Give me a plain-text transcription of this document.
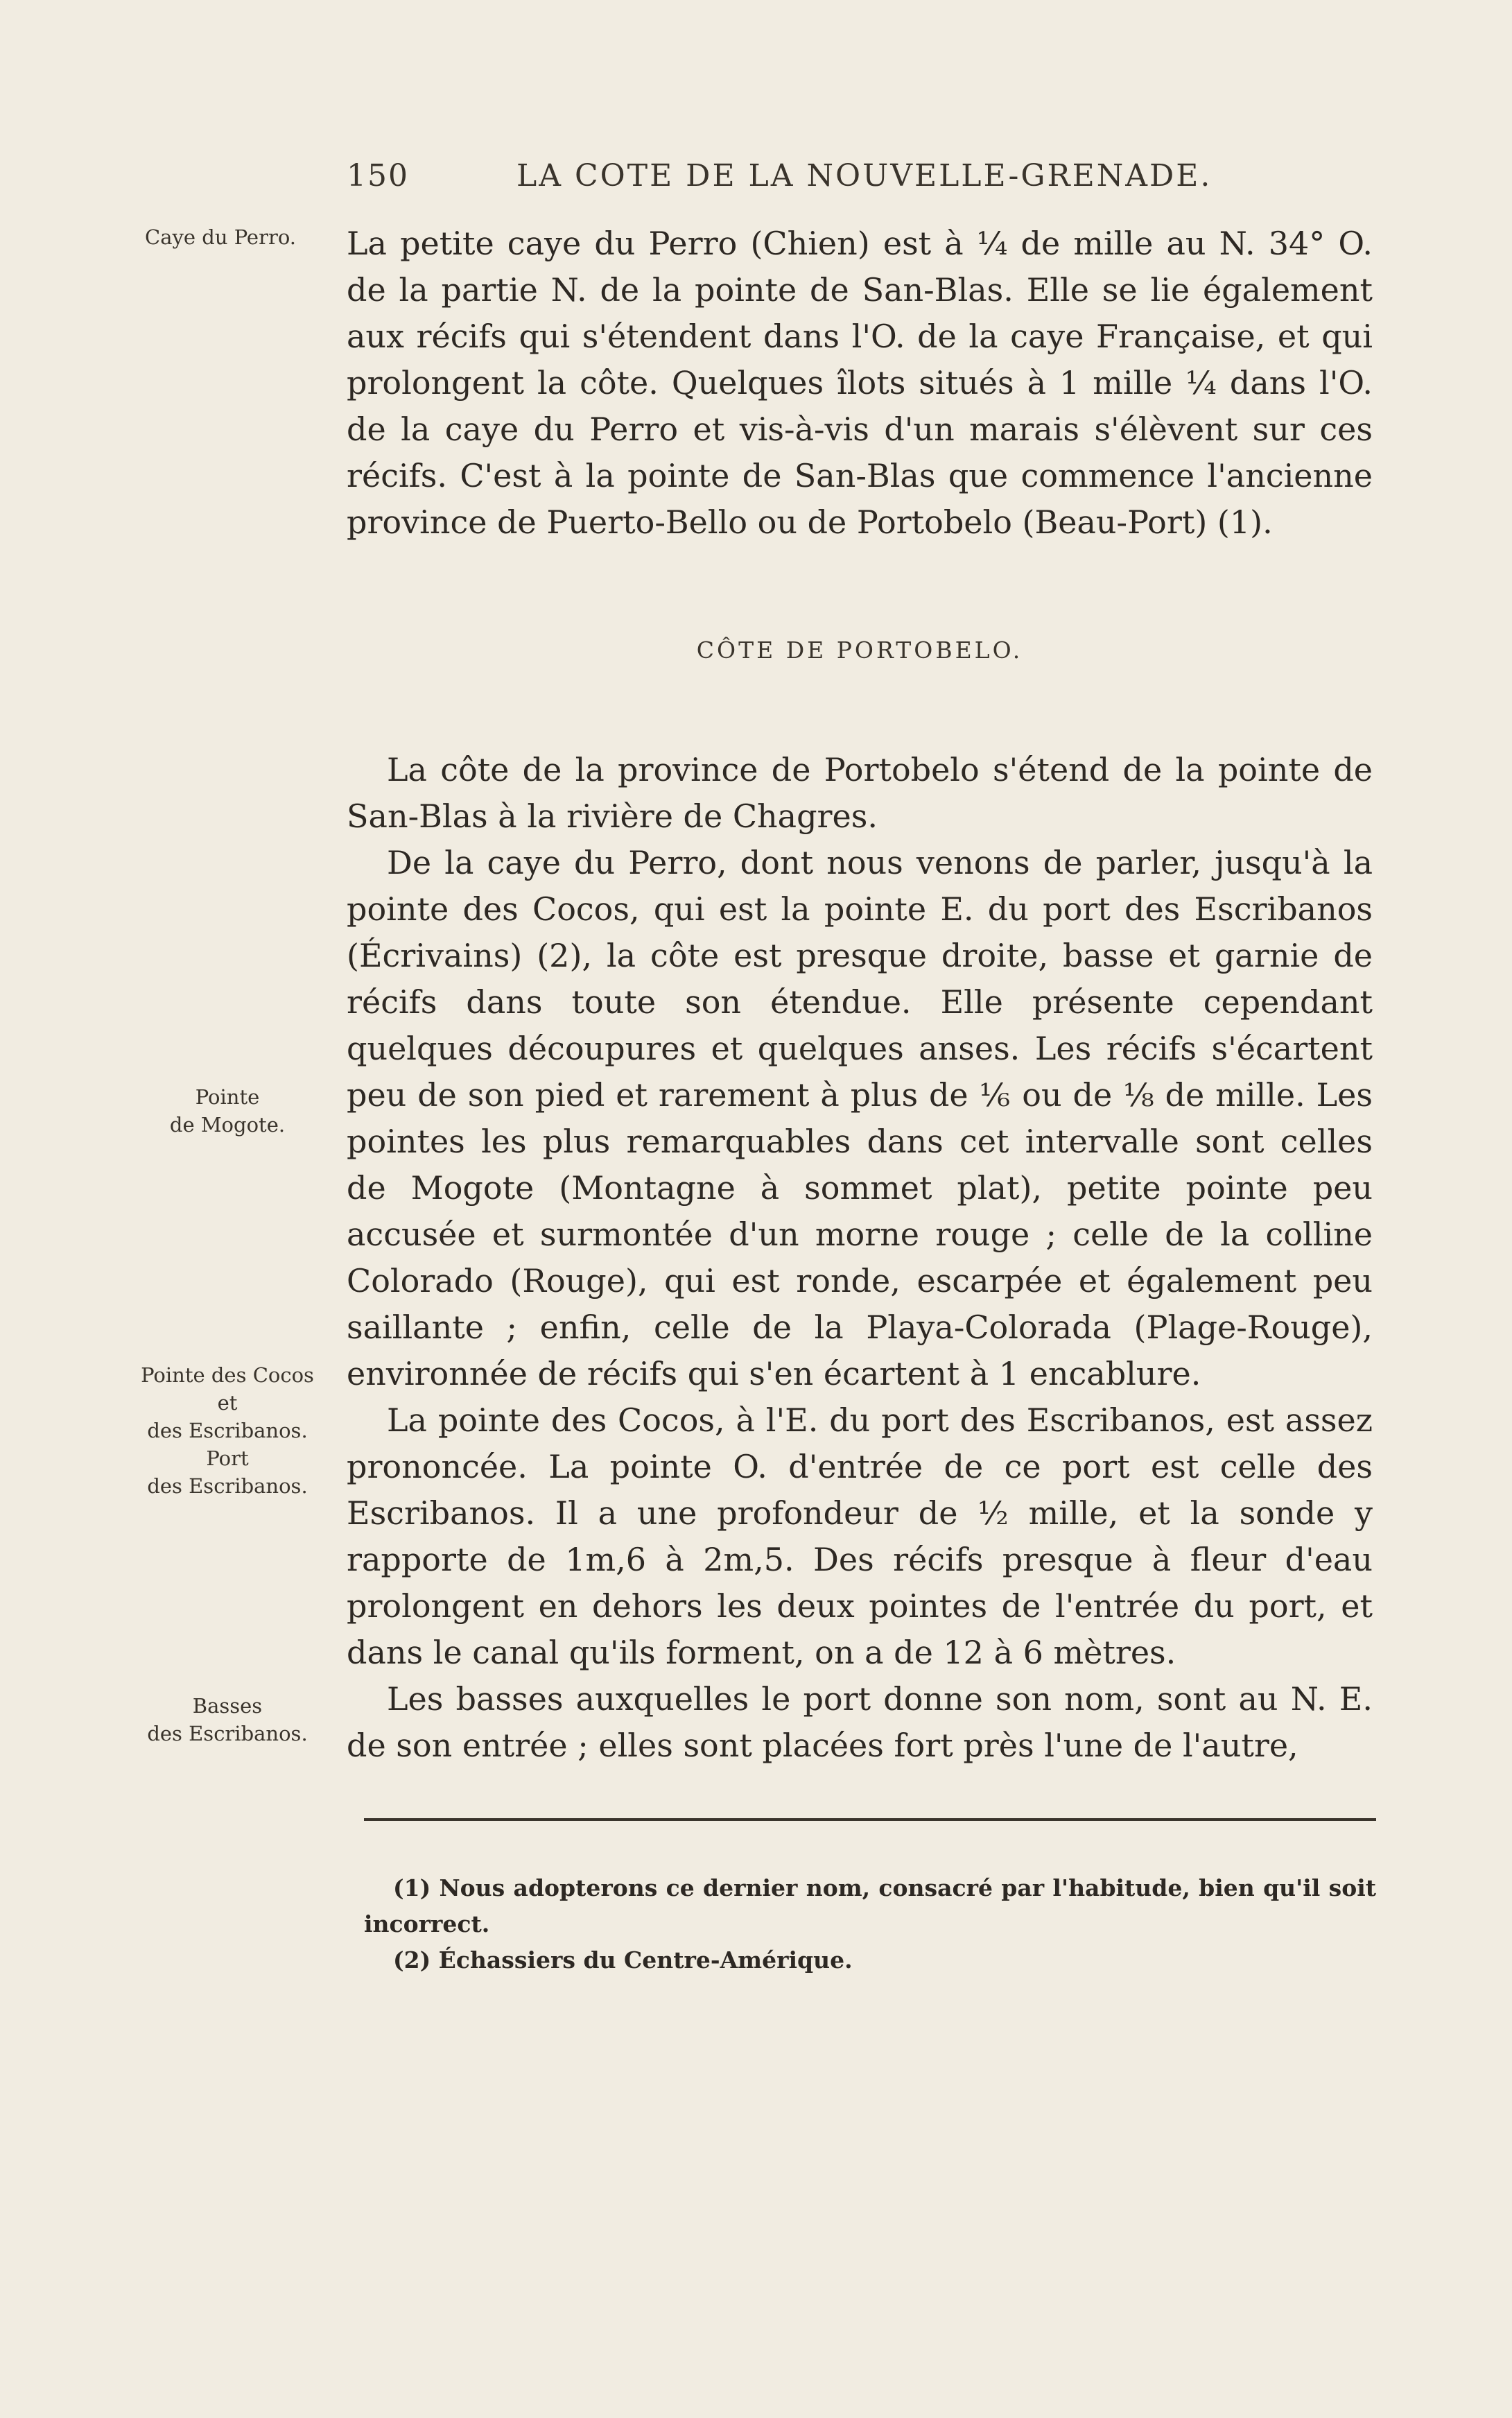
150	LA COTE DE LA NOUVELLE-GRENADE.
Caye du Perro.
Pointe
de Mogote.
Pointe des Cocos
et
des Escribanos.
Port
des Escribanos.
Basses
des Escribanos.

La petite caye du Perro (Chien) est à ¼ de mille au N. 34° O. de la partie N. de la pointe de San-Blas. Elle se lie également aux récifs qui s'étendent dans l'O. de la caye Française, et qui prolongent la côte. Quelques îlots situés à 1 mille ¼ dans l'O. de la caye du Perro et vis-à-vis d'un marais s'élèvent sur ces récifs. C'est à la pointe de San-Blas que commence l'ancienne province de Puerto-Bello ou de Portobelo (Beau-Port) (1).

CÔTE DE PORTOBELO.

La côte de la province de Portobelo s'étend de la pointe de San-Blas à la rivière de Chagres.

De la caye du Perro, dont nous venons de parler, jusqu'à la pointe des Cocos, qui est la pointe E. du port des Escribanos (Écrivains) (2), la côte est presque droite, basse et garnie de récifs dans toute son étendue. Elle présente cependant quelques découpures et quelques anses. Les récifs s'écartent peu de son pied et rarement à plus de ⅙ ou de ⅛ de mille. Les pointes les plus remarquables dans cet intervalle sont celles de Mogote (Montagne à sommet plat), petite pointe peu accusée et surmontée d'un morne rouge ; celle de la colline Colorado (Rouge), qui est ronde, escarpée et également peu saillante ; enfin, celle de la Playa-Colorada (Plage-Rouge), environnée de récifs qui s'en écartent à 1 encablure.

La pointe des Cocos, à l'E. du port des Escribanos, est assez prononcée. La pointe O. d'entrée de ce port est celle des Escribanos. Il a une profondeur de ½ mille, et la sonde y rapporte de 1m,6 à 2m,5. Des récifs presque à fleur d'eau prolongent en dehors les deux pointes de l'entrée du port, et dans le canal qu'ils forment, on a de 12 à 6 mètres.

Les basses auxquelles le port donne son nom, sont au N. E. de son entrée ; elles sont placées fort près l'une de l'autre,

(1) Nous adopterons ce dernier nom, consacré par l'habitude, bien qu'il soit incorrect.

(2) Échassiers du Centre-Amérique.
